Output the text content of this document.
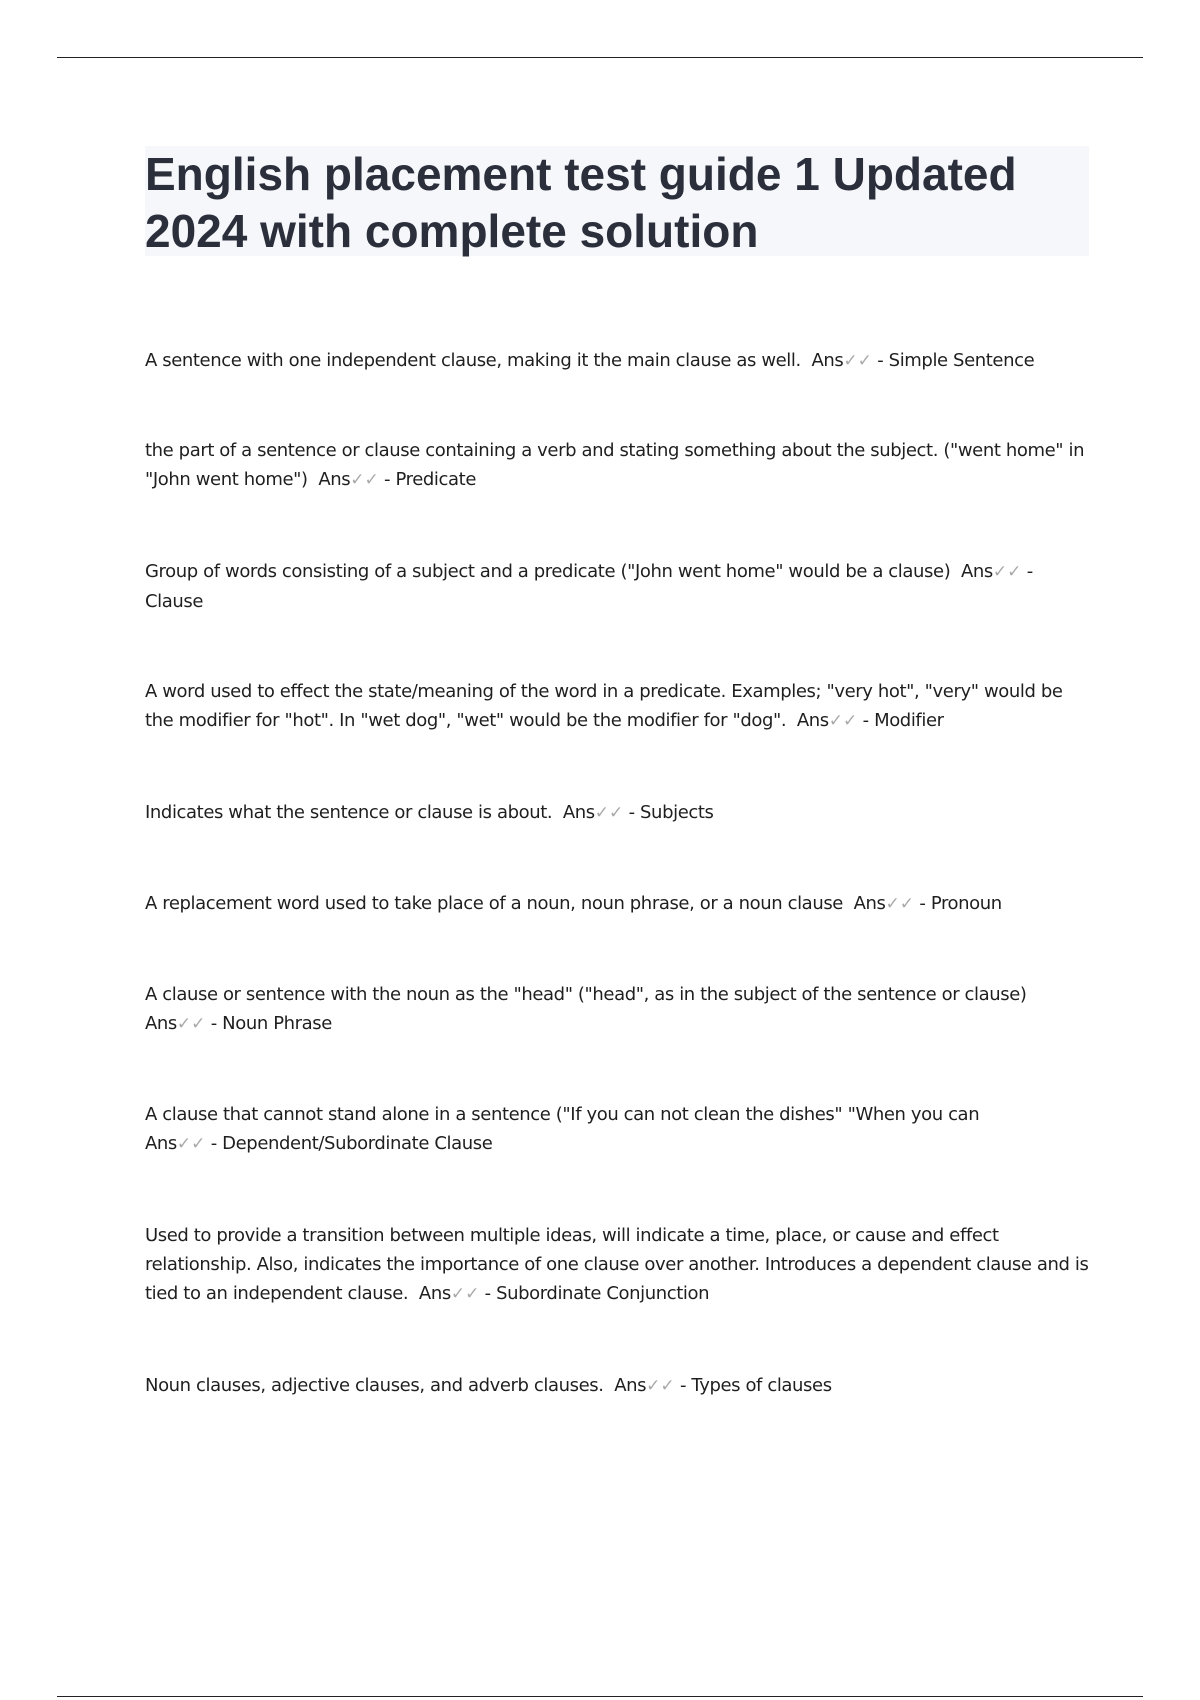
English placement test guide 1 Updated 2024 with complete solution
A sentence with one independent clause, making it the main clause as well. Ans✓✓ - Simple Sentence
the part of a sentence or clause containing a verb and stating something about the subject. ("went home" in "John went home") Ans✓✓ - Predicate
Group of words consisting of a subject and a predicate ("John went home" would be a clause) Ans✓✓ - Clause
A word used to effect the state/meaning of the word in a predicate. Examples; "very hot", "very" would be the modifier for "hot". In "wet dog", "wet" would be the modifier for "dog". Ans✓✓ - Modifier
Indicates what the sentence or clause is about. Ans✓✓ - Subjects
A replacement word used to take place of a noun, noun phrase, or a noun clause Ans✓✓ - Pronoun
A clause or sentence with the noun as the "head" ("head", as in the subject of the sentence or clause)
Ans✓✓ - Noun Phrase
A clause that cannot stand alone in a sentence ("If you can not clean the dishes" "When you can
Ans✓✓ - Dependent/Subordinate Clause
Used to provide a transition between multiple ideas, will indicate a time, place, or cause and effect relationship. Also, indicates the importance of one clause over another. Introduces a dependent clause and is tied to an independent clause. Ans✓✓ - Subordinate Conjunction
Noun clauses, adjective clauses, and adverb clauses. Ans✓✓ - Types of clauses
